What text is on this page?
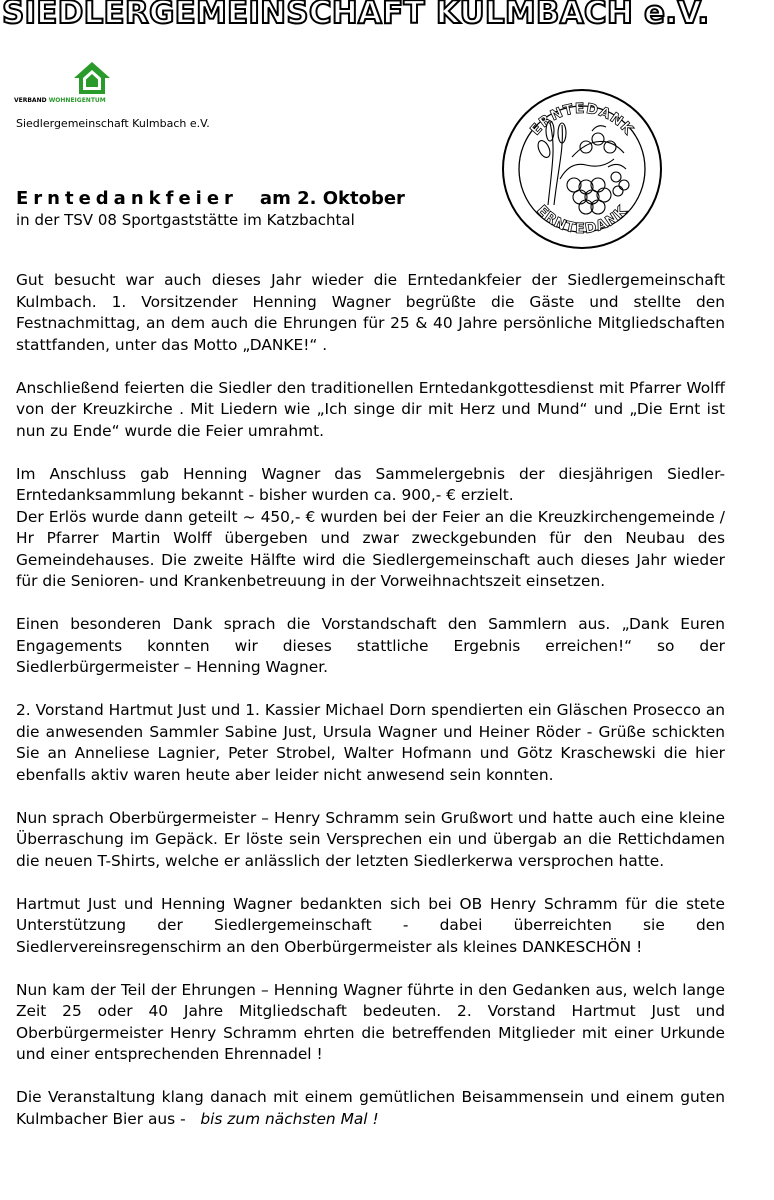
SIEDLERGEMEINSCHAFT KULMBACH e.V.
VERBAND WOHNEIGENTUM
Siedlergemeinschaft Kulmbach e.V.	ERNTEDANK
ERNTEDANK
Erntedankfeier am 2. Oktober
in der TSV 08 Sportgaststätte im Katzbachtal

Gut besucht war auch dieses Jahr wieder die Erntedankfeier der Siedlergemeinschaft Kulmbach. 1. Vorsitzender Henning Wagner begrüßte die Gäste und stellte den Festnachmittag, an dem auch die Ehrungen für 25 & 40 Jahre persönliche Mitgliedschaften stattfanden, unter das Motto „DANKE!“ .

Anschließend feierten die Siedler den traditionellen Erntedankgottesdienst mit Pfarrer Wolff von der Kreuzkirche . Mit Liedern wie „Ich singe dir mit Herz und Mund“ und „Die Ernt ist nun zu Ende“ wurde die Feier umrahmt.

Im Anschluss gab Henning Wagner das Sammelergebnis der diesjährigen Siedler-Erntedanksammlung bekannt - bisher wurden ca. 900,- € erzielt.

Der Erlös wurde dann geteilt ~ 450,- € wurden bei der Feier an die Kreuzkirchengemeinde / Hr Pfarrer Martin Wolff übergeben und zwar zweckgebunden für den Neubau des Gemeindehauses. Die zweite Hälfte wird die Siedlergemeinschaft auch dieses Jahr wieder für die Senioren- und Krankenbetreuung in der Vorweihnachtszeit einsetzen.

Einen besonderen Dank sprach die Vorstandschaft den Sammlern aus. „Dank Euren Engagements konnten wir dieses stattliche Ergebnis erreichen!“ so der Siedlerbürgermeister – Henning Wagner.

2. Vorstand Hartmut Just und 1. Kassier Michael Dorn spendierten ein Gläschen Prosecco an die anwesenden Sammler Sabine Just, Ursula Wagner und Heiner Röder - Grüße schickten Sie an Anneliese Lagnier, Peter Strobel, Walter Hofmann und Götz Kraschewski die hier ebenfalls aktiv waren heute aber leider nicht anwesend sein konnten.

Nun sprach Oberbürgermeister – Henry Schramm sein Grußwort und hatte auch eine kleine Überraschung im Gepäck. Er löste sein Versprechen ein und übergab an die Rettichdamen die neuen T-Shirts, welche er anlässlich der letzten Siedlerkerwa versprochen hatte.

Hartmut Just und Henning Wagner bedankten sich bei OB Henry Schramm für die stete Unterstützung der Siedlergemeinschaft - dabei überreichten sie den Siedlervereinsregenschirm an den Oberbürgermeister als kleines DANKESCHÖN !

Nun kam der Teil der Ehrungen – Henning Wagner führte in den Gedanken aus, welch lange Zeit 25 oder 40 Jahre Mitgliedschaft bedeuten. 2. Vorstand Hartmut Just und Oberbürgermeister Henry Schramm ehrten die betreffenden Mitglieder mit einer Urkunde und einer entsprechenden Ehrennadel !

Die Veranstaltung klang danach mit einem gemütlichen Beisammensein und einem guten Kulmbacher Bier aus - bis zum nächsten Mal !
